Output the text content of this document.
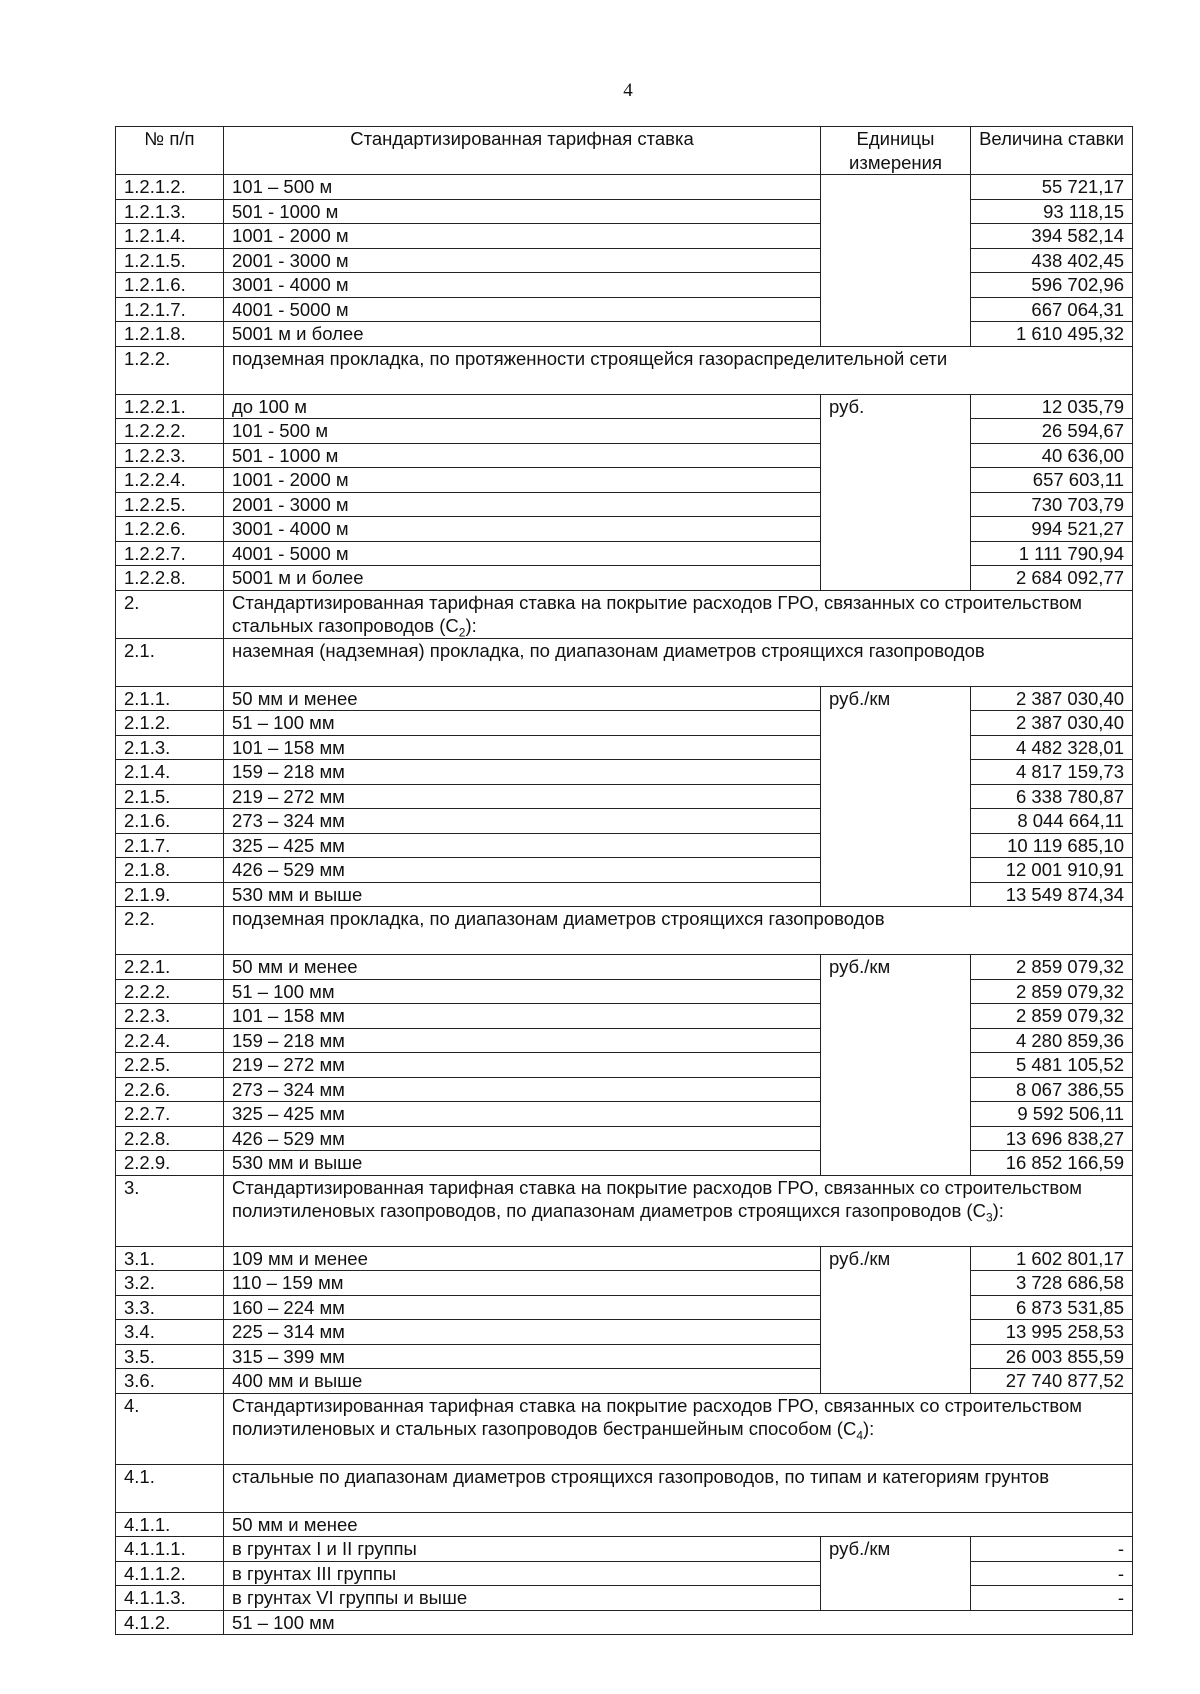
4
№ п/п	Стандартизированная тарифная ставка	Единицы измерения	Величина ставки
1.2.1.2.	101 – 500 м		55 721,17
1.2.1.3.	501 - 1000 м		93 118,15
1.2.1.4.	1001 - 2000 м		394 582,14
1.2.1.5.	2001 - 3000 м		438 402,45
1.2.1.6.	3001 - 4000 м		596 702,96
1.2.1.7.	4001 - 5000 м		667 064,31
1.2.1.8.	5001 м и более		1 610 495,32
1.2.2.	подземная прокладка, по протяженности строящейся газораспределительной сети		
1.2.2.1.	до 100 м	руб.	12 035,79
1.2.2.2.	101 - 500 м		26 594,67
1.2.2.3.	501 - 1000 м		40 636,00
1.2.2.4.	1001 - 2000 м		657 603,11
1.2.2.5.	2001 - 3000 м		730 703,79
1.2.2.6.	3001 - 4000 м		994 521,27
1.2.2.7.	4001 - 5000 м		1 111 790,94
1.2.2.8.	5001 м и более		2 684 092,77
2.	Стандартизированная тарифная ставка на покрытие расходов ГРО, связанных со строительством стальных газопроводов $(C_2)$:		
2.1.	наземная (надземная) прокладка, по диапазонам диаметров строящихся газопроводов		
2.1.1.	50 мм и менее	руб./км	2 387 030,40
2.1.2.	51 – 100 мм		2 387 030,40
2.1.3.	101 – 158 мм		4 482 328,01
2.1.4.	159 – 218 мм		4 817 159,73
2.1.5.	219 – 272 мм		6 338 780,87
2.1.6.	273 – 324 мм		8 044 664,11
2.1.7.	325 – 425 мм		10 119 685,10
2.1.8.	426 – 529 мм		12 001 910,91
2.1.9.	530 мм и выше		13 549 874,34
2.2.	подземная прокладка, по диапазонам диаметров строящихся газопроводов		
2.2.1.	50 мм и менее	руб./км	2 859 079,32
2.2.2.	51 – 100 мм		2 859 079,32
2.2.3.	101 – 158 мм		2 859 079,32
2.2.4.	159 – 218 мм		4 280 859,36
2.2.5.	219 – 272 мм		5 481 105,52
2.2.6.	273 – 324 мм		8 067 386,55
2.2.7.	325 – 425 мм		9 592 506,11
2.2.8.	426 – 529 мм		13 696 838,27
2.2.9.	530 мм и выше		16 852 166,59
3.	Стандартизированная тарифная ставка на покрытие расходов ГРО, связанных со строительством полиэтиленовых газопроводов, по диапазонам диаметров строящихся газопроводов $(C_3)$:		
3.1.	109 мм и менее	руб./км	1 602 801,17
3.2.	110 – 159 мм		3 728 686,58
3.3.	160 – 224 мм		6 873 531,85
3.4.	225 – 314 мм		13 995 258,53
3.5.	315 – 399 мм		26 003 855,59
3.6.	400 мм и выше		27 740 877,52
4.	Стандартизированная тарифная ставка на покрытие расходов ГРО, связанных со строительством полиэтиленовых и стальных газопроводов бестраншейным способом $(C_4)$:		
4.1.	стальные по диапазонам диаметров строящихся газопроводов, по типам и категориям грунтов		
4.1.1.	50 мм и менее		
4.1.1.1.	в грунтах I и II группы	руб./км	-
4.1.1.2.	в грунтах III группы		-
4.1.1.3.	в грунтах VI группы и выше		-
4.1.2.	51 – 100 мм		
